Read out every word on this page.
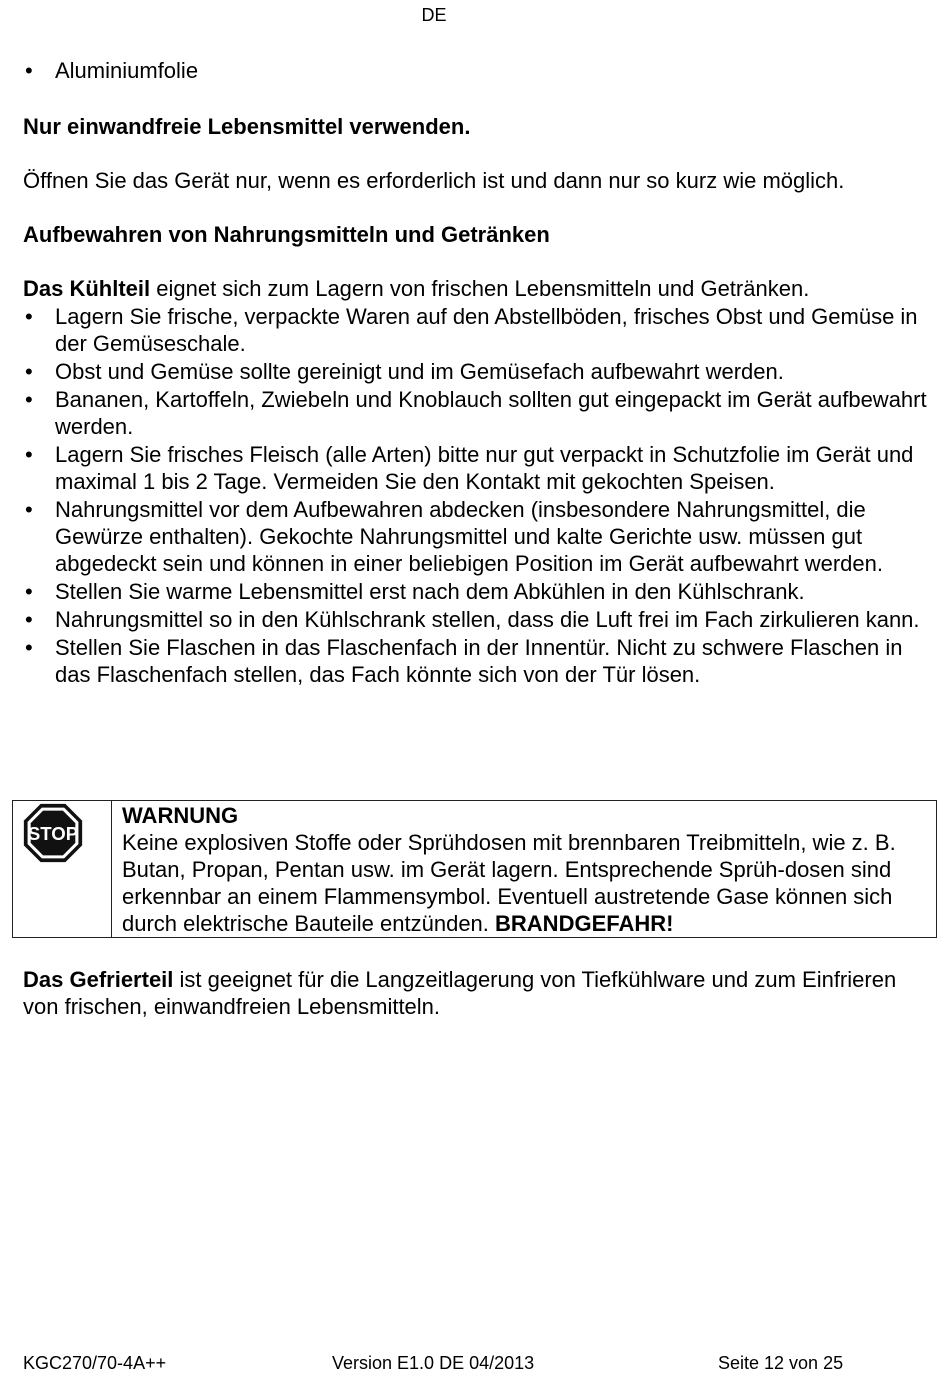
DE
• Aluminiumfolie
Nur einwandfreie Lebensmittel verwenden.
Öffnen Sie das Gerät nur, wenn es erforderlich ist und dann nur so kurz wie möglich.
Aufbewahren von Nahrungsmitteln und Getränken
Das Kühlteil eignet sich zum Lagern von frischen Lebensmitteln und Getränken.
• Lagern Sie frische, verpackte Waren auf den Abstellböden, frisches Obst und Gemüse in der Gemüseschale.
• Obst und Gemüse sollte gereinigt und im Gemüsefach aufbewahrt werden.
• Bananen, Kartoffeln, Zwiebeln und Knoblauch sollten gut eingepackt im Gerät aufbewahrt werden.
• Lagern Sie frisches Fleisch (alle Arten) bitte nur gut verpackt in Schutzfolie im Gerät und maximal 1 bis 2 Tage. Vermeiden Sie den Kontakt mit gekochten Speisen.
• Nahrungsmittel vor dem Aufbewahren abdecken (insbesondere Nahrungsmittel, die Gewürze enthalten). Gekochte Nahrungsmittel und kalte Gerichte usw. müssen gut abgedeckt sein und können in einer beliebigen Position im Gerät aufbewahrt werden.
• Stellen Sie warme Lebensmittel erst nach dem Abkühlen in den Kühlschrank.
• Nahrungsmittel so in den Kühlschrank stellen, dass die Luft frei im Fach zirkulieren kann.
• Stellen Sie Flaschen in das Flaschenfach in der Innentür. Nicht zu schwere Flaschen in das Flaschenfach stellen, das Fach könnte sich von der Tür lösen.
STOP
WARNUNG
Keine explosiven Stoffe oder Sprühdosen mit brennbaren Treibmitteln, wie z. B. Butan, Propan, Pentan usw. im Gerät lagern. Entsprechende Sprüh-dosen sind erkennbar an einem Flammensymbol. Eventuell austretende Gase können sich durch elektrische Bauteile entzünden. BRANDGEFAHR!
Das Gefrierteil ist geeignet für die Langzeitlagerung von Tiefkühlware und zum Einfrieren von frischen, einwandfreien Lebensmitteln.
KGC270/70-4A++	Version E1.0 DE 04/2013	Seite 12 von 25
